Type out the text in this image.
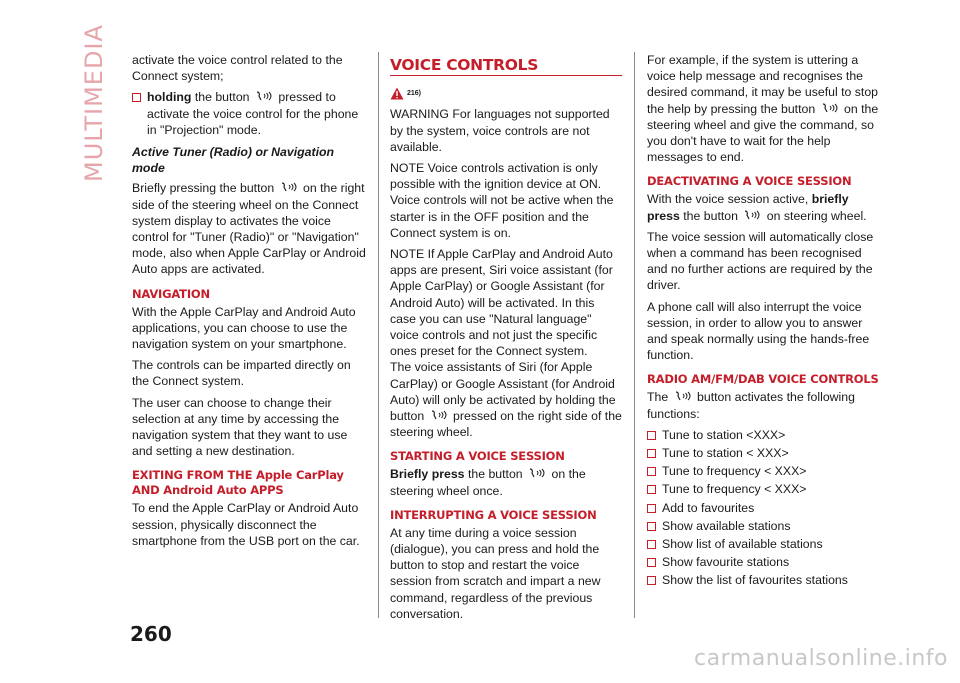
MULTIMEDIA activate the voice control related to the Connect system;

holding the button pressed to activate the voice control for the phone in "Projection" mode.
Active Tuner (Radio) or Navigation mode

Briefly pressing the button on the right side of the steering wheel on the Connect system display to activates the voice control for "Tuner (Radio)" or "Navigation" mode, also when Apple CarPlay or Android Auto apps are activated.

NAVIGATION

With the Apple CarPlay and Android Auto applications, you can choose to use the navigation system on your smartphone.

The controls can be imparted directly on the Connect system.

The user can choose to change their selection at any time by accessing the navigation system that they want to use and setting a new destination.

EXITING FROM THE Apple CarPlay AND Android Auto APPS

To end the Apple CarPlay or Android Auto session, physically disconnect the smartphone from the USB port on the car.

VOICE CONTROLS
216)

WARNING For languages not supported by the system, voice controls are not available.

NOTE Voice controls activation is only possible with the ignition device at ON. Voice controls will not be active when the starter is in the OFF position and the Connect system is on.

NOTE If Apple CarPlay and Android Auto apps are present, Siri voice assistant (for Apple CarPlay) or Google Assistant (for Android Auto) will be activated. In this case you can use "Natural language" voice controls and not just the specific ones preset for the Connect system.

The voice assistants of Siri (for Apple CarPlay) or Google Assistant (for Android Auto) will only be activated by holding the button pressed on the right side of the steering wheel.

STARTING A VOICE SESSION

Briefly press the button on the steering wheel once.

INTERRUPTING A VOICE SESSION

At any time during a voice session (dialogue), you can press and hold the button to stop and restart the voice session from scratch and impart a new command, regardless of the previous conversation.

For example, if the system is uttering a voice help message and recognises the desired command, it may be useful to stop the help by pressing the button on the steering wheel and give the command, so you don't have to wait for the help messages to end.

DEACTIVATING A VOICE SESSION

With the voice session active, briefly press the button on steering wheel.

The voice session will automatically close when a command has been recognised and no further actions are required by the driver.

A phone call will also interrupt the voice session, in order to allow you to answer and speak normally using the hands-free function.

RADIO AM/FM/DAB VOICE CONTROLS

The button activates the following functions:

Tune to station <XXX>
Tune to station < XXX>
Tune to frequency < XXX>
Tune to frequency < XXX>
Add to favourites
Show available stations
Show list of available stations
Show favourite stations
Show the list of favourites stations
260
carmanualsonline.info
